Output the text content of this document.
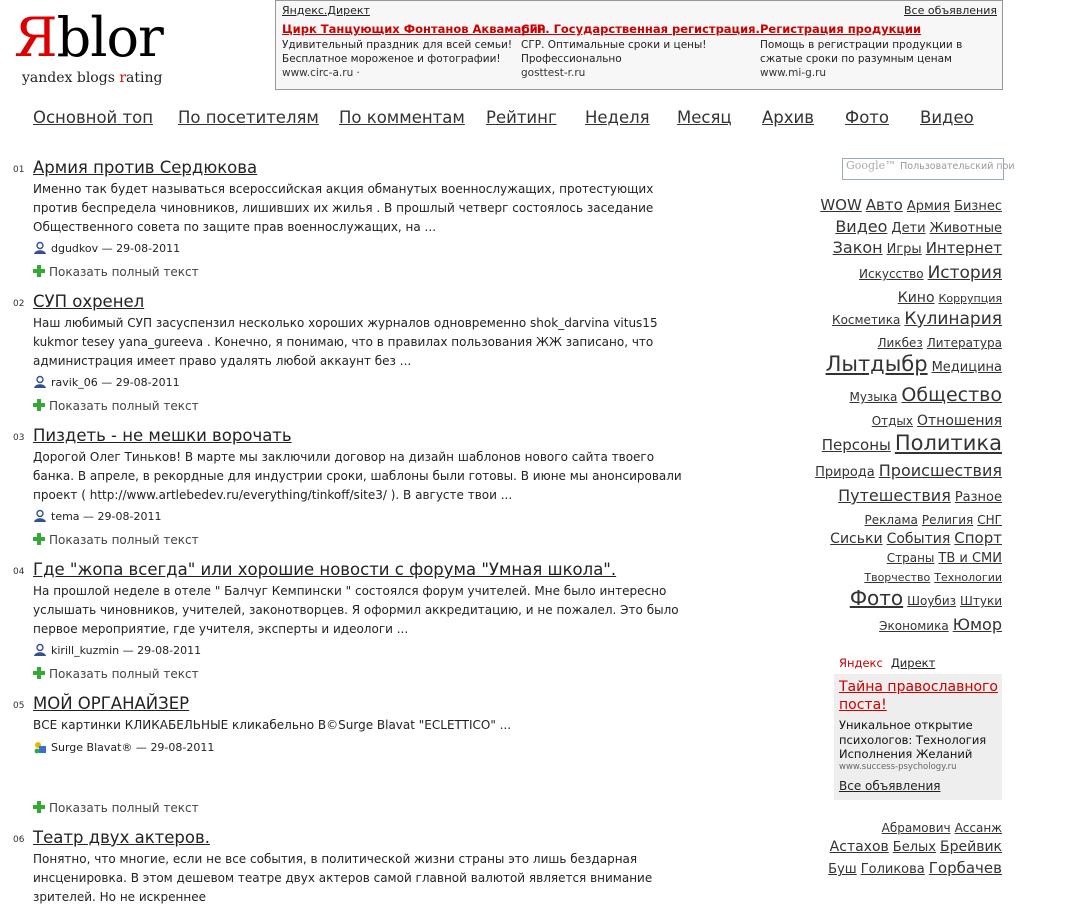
Яblor
yandex blogs rating
Яндекс.Директ	Все объявления
Цирк Танцующих Фонтанов Аквамарин
Удивительный праздник для всей семьи! Бесплатное мороженое и фотографии!
www.circ-a.ru ·
СГР. Государственная регистрация.
СГР. Оптимальные сроки и цены! Профессионально
gosttest-r.ru
Регистрация продукции
Помощь в регистрации продукции в сжатые сроки по разумным ценам
www.mi-g.ru
Основной топ По посетителям По комментам Рейтинг Неделя Месяц Архив Фото Видео
01 Армия против Сердюкова
Именно так будет называться всероссийская акция обманутых военнослужащих, протестующих против беспредела чиновников, лишивших их жилья . В прошлый четверг состоялось заседание Общественного совета по защите прав военнослужащих, на ...
dgudkov — 29-08-2011
Показать полный текст
02 СУП охренел
Наш любимый СУП засуспензил несколько хороших журналов одновременно shok_darvina vitus15 kukmor tesey yana_gureeva . Конечно, я понимаю, что в правилах пользования ЖЖ записано, что администрация имеет право удалять любой аккаунт без ...
ravik_06 — 29-08-2011
Показать полный текст
03 Пиздеть - не мешки ворочать
Дорогой Олег Тиньков! В марте мы заключили договор на дизайн шаблонов нового сайта твоего банка. В апреле, в рекордные для индустрии сроки, шаблоны были готовы. В июне мы анонсировали проект ( http://www.artlebedev.ru/everything/tinkoff/site3/ ). В августе твои ...
tema — 29-08-2011
Показать полный текст
04 Где "жопа всегда" или хорошие новости с форума "Умная школа".
На прошлой неделе в отеле " Балчуг Кемпински " состоялся форум учителей. Мне было интересно услышать чиновников, учителей, законотворцев. Я оформил аккредитацию, и не пожалел. Это было первое мероприятие, где учителя, эксперты и идеологи ...
kirill_kuzmin — 29-08-2011
Показать полный текст
05 МОЙ ОРГАНАЙЗЕР
ВСЕ картинки КЛИКАБЕЛЬНЫЕ кликабельно B©Surge Blavat "ECLETTICO" ...
Surge Blavat® — 29-08-2011
Показать полный текст
06 Театр двух актеров.
Понятно, что многие, если не все события, в политической жизни страны это лишь бездарная инсценировка. В этом дешевом театре двух актеров самой главной валютой является внимание зрителей. Но не искреннее
Google™ Пользовательский пои
WOW Авто Армия Бизнес
Видео Дети Животные
Закон Игры Интернет
Искусство История
Кино Коррупция
Косметика Кулинария
Ликбез Литература
Лытдыбр Медицина
Музыка Общество
Отдых Отношения
Персоны Политика
Природа Происшествия
Путешествия Разное
Реклама Религия СНГ
Сиськи События Спорт
Страны ТВ и СМИ
Творчество Технологии
Фото Шоубиз Штуки
Экономика Юмор
Яндекс Директ
Тайна православного поста!
Уникальное открытие психологов: Технология Исполнения Желаний
www.success-psychology.ru
Все объявления
Абрамович Ассанж
Астахов Белых Брейвик
Буш Голикова Горбачев
